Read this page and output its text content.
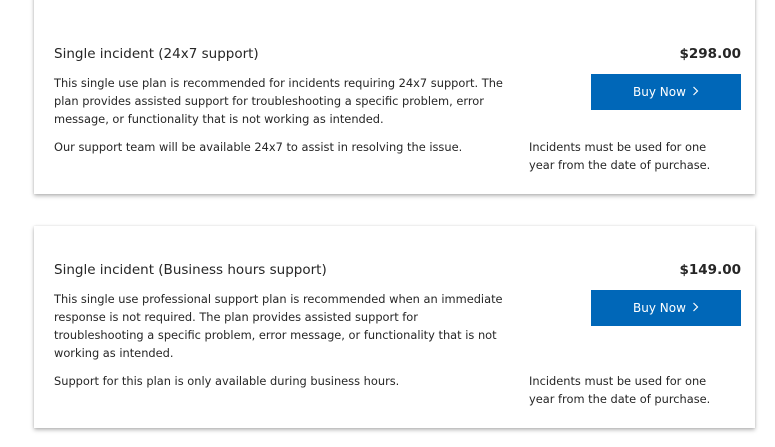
Single incident (24x7 support)	$298.00

This single use plan is recommended for incidents requiring 24x7 support. The plan provides assisted support for troubleshooting a specific problem, error message, or functionality that is not working as intended.

Our support team will be available 24x7 to assist in resolving the issue.

Buy Now

Incidents must be used for one year from the date of purchase.

Single incident (Business hours support)	$149.00

This single use professional support plan is recommended when an immediate response is not required. The plan provides assisted support for troubleshooting a specific problem, error message, or functionality that is not working as intended.

Support for this plan is only available during business hours.

Buy Now

Incidents must be used for one year from the date of purchase.
